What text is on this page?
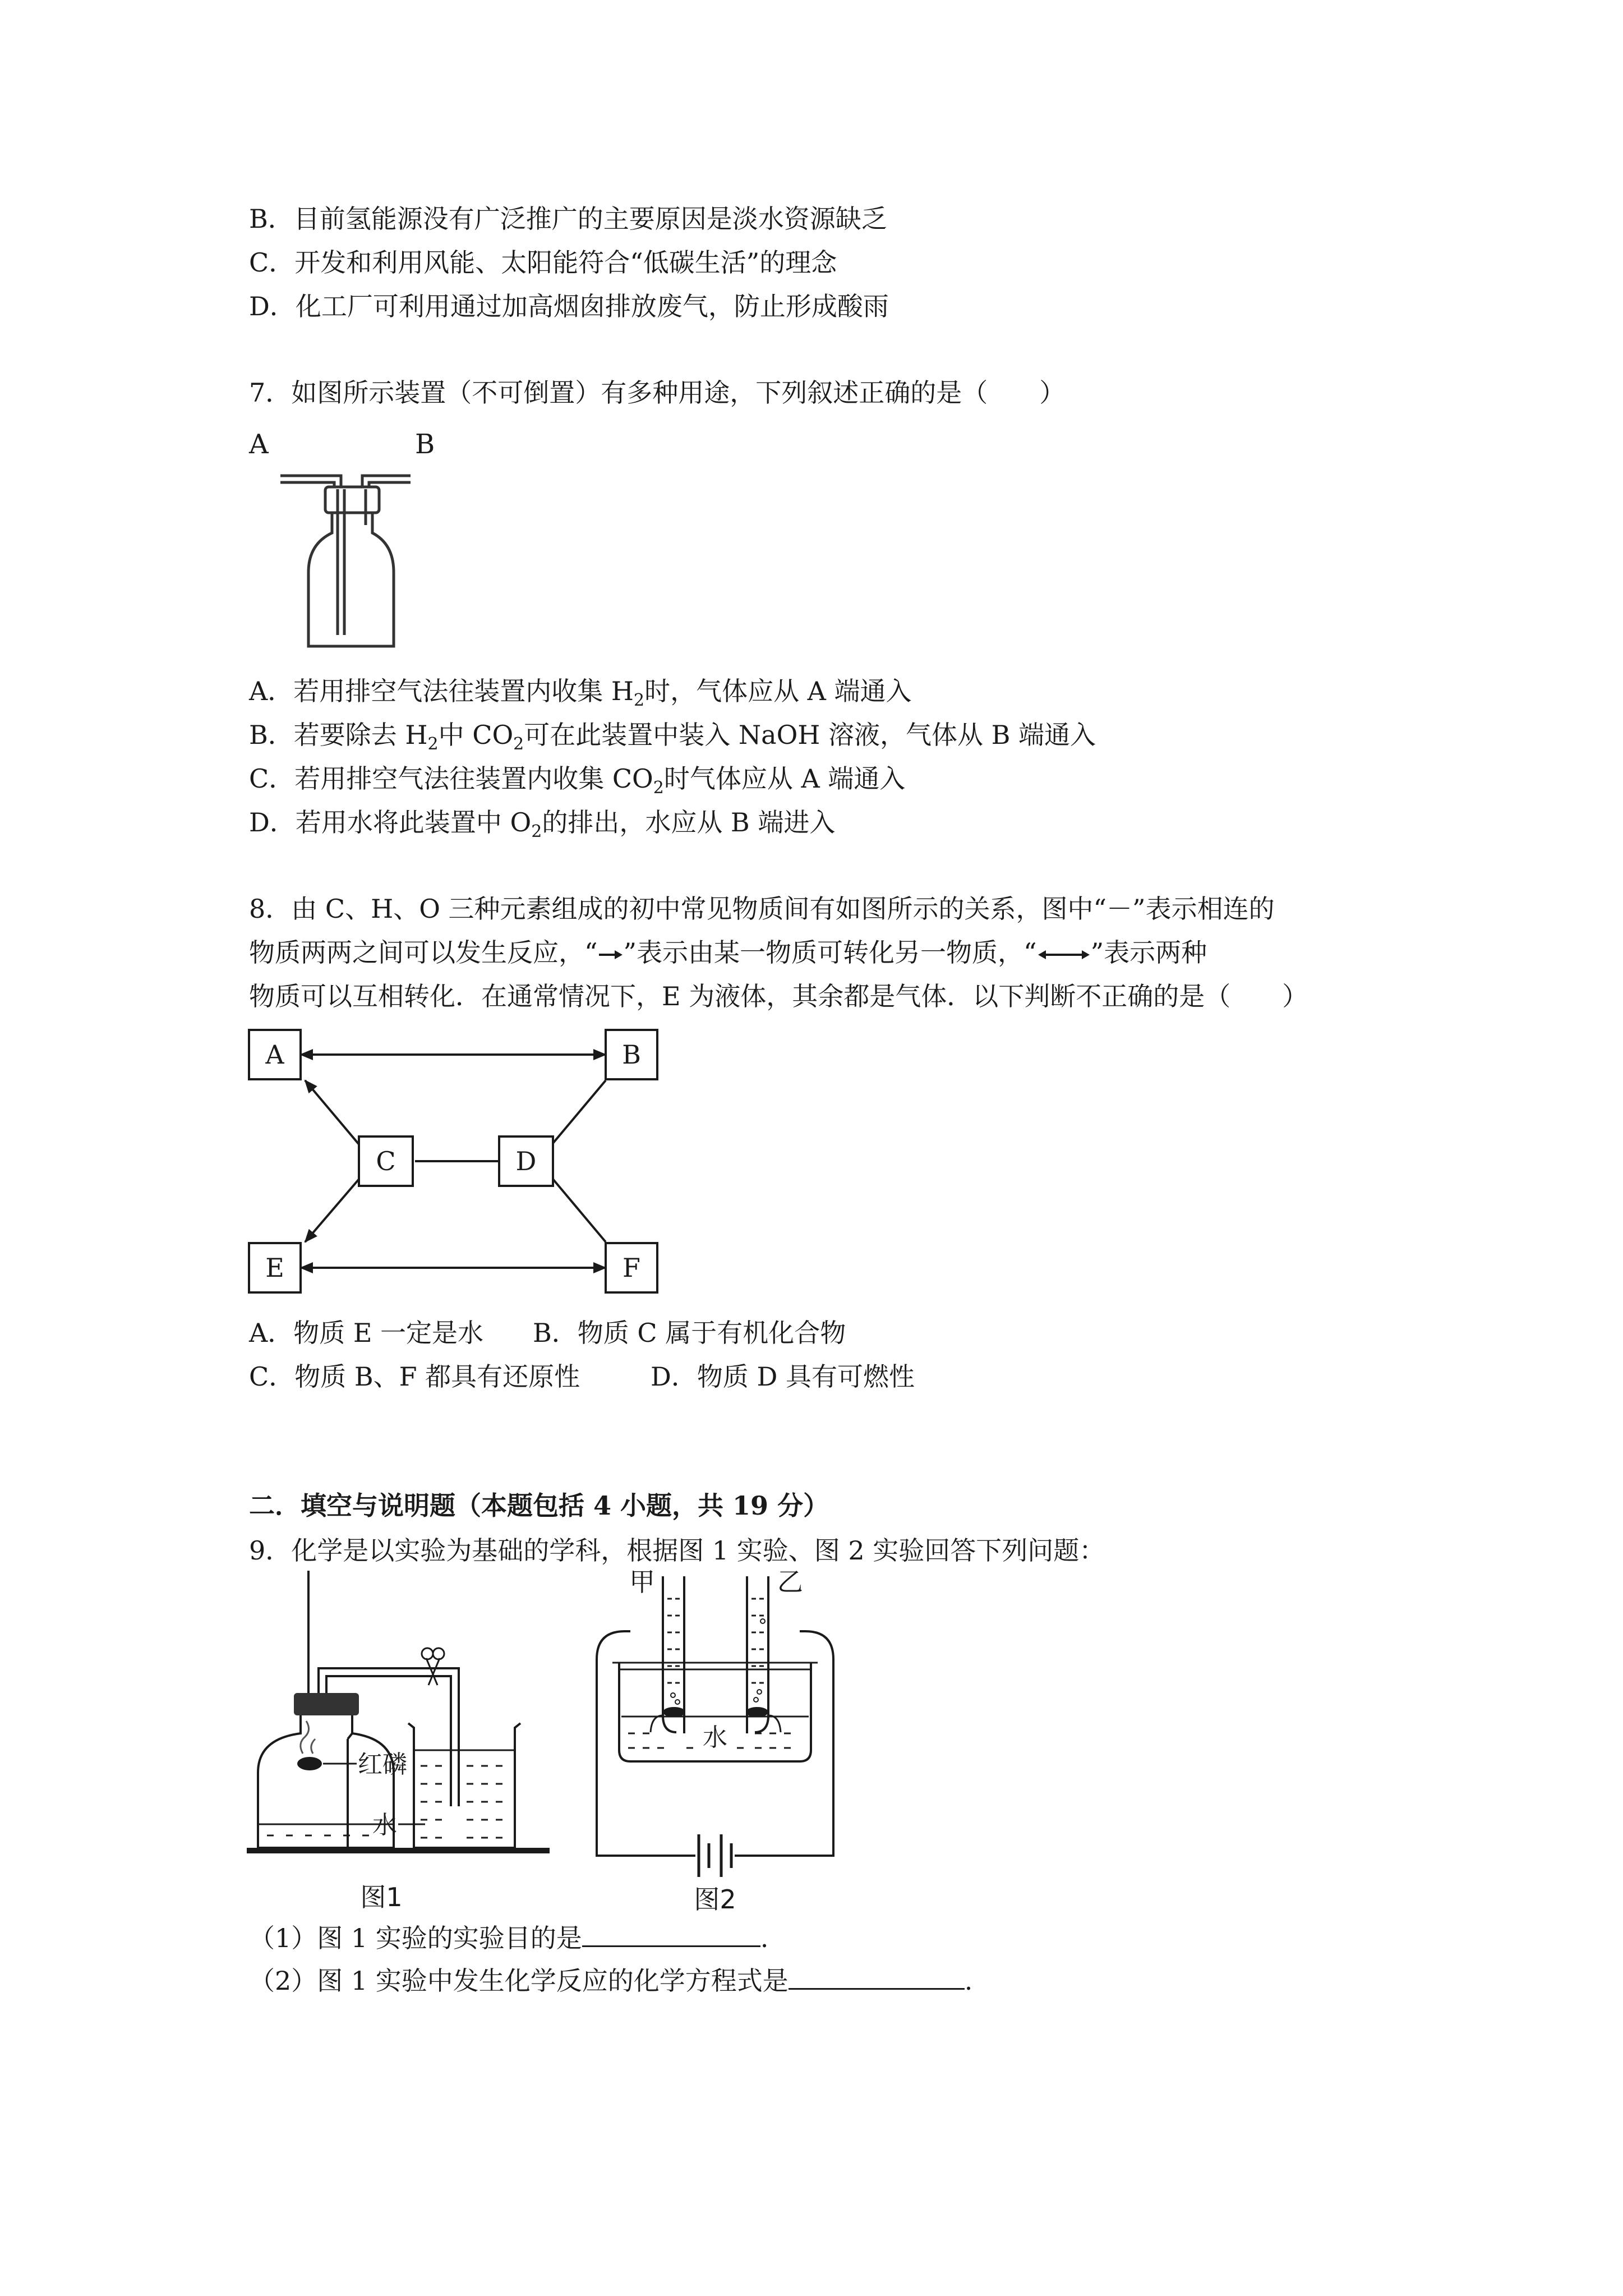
B．目前氢能源没有广泛推广的主要原因是淡水资源缺乏
C．开发和利用风能、太阳能符合“低碳生活”的理念
D．化工厂可利用通过加高烟囱排放废气，防止形成酸雨
7．如图所示装置（不可倒置）有多种用途，下列叙述正确的是（　　）
A	B
A．若用排空气法往装置内收集 $H_2$时，气体应从 A 端通入
B．若要除去 $H_2$中 $CO_2$可在此装置中装入 NaOH 溶液，气体从 B 端通入
C．若用排空气法往装置内收集 $CO_2$时气体应从 A 端通入
D．若用水将此装置中 $O_2$的排出，水应从 B 端进入
8．由 C、H、O 三种元素组成的初中常见物质间有如图所示的关系，图中“－”表示相连的
物质两两之间可以发生反应，“ ”表示由某一物质可转化另一物质，“ ”表示两种
物质可以互相转化．在通常情况下，E 为液体，其余都是气体．以下判断不正确的是（　　）
A	B
C	D
E	F
A．物质 E 一定是水 B．物质 C 属于有机化合物
C．物质 B、F 都具有还原性	D．物质 D 具有可燃性
二．填空与说明题（本题包括 4 小题，共 19 分）
9．化学是以实验为基础的学科，根据图 1 实验、图 2 实验回答下列问题：
红磷
水
图1
甲	乙
水
图2
（1）图 1 实验的实验目的是	.
（2）图 1 实验中发生化学反应的化学方程式是	.
